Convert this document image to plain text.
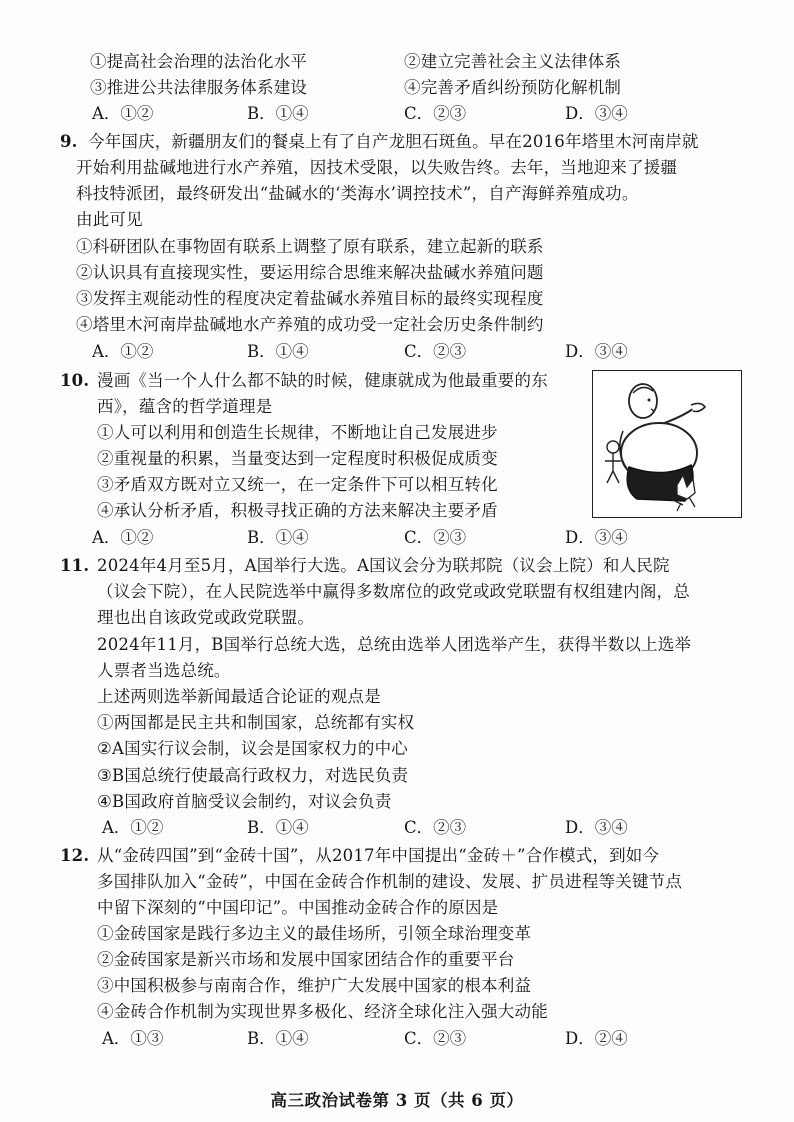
①提高社会治理的法治化水平	②建立完善社会主义法律体系
③推进公共法律服务体系建设	④完善矛盾纠纷预防化解机制
A．①②	B．①④	C．②③	D．③④
9. 今年国庆，新疆朋友们的餐桌上有了自产龙胆石斑鱼。早在2016年塔里木河南岸就
开始利用盐碱地进行水产养殖，因技术受限，以失败告终。去年，当地迎来了援疆
科技特派团，最终研发出“盐碱水的‘类海水’调控技术”，自产海鲜养殖成功。
由此可见
①科研团队在事物固有联系上调整了原有联系，建立起新的联系
②认识具有直接现实性，要运用综合思维来解决盐碱水养殖问题
③发挥主观能动性的程度决定着盐碱水养殖目标的最终实现程度
④塔里木河南岸盐碱地水产养殖的成功受一定社会历史条件制约
A．①②	B．①④	C．②③	D．③④
10. 漫画《当一个人什么都不缺的时候，健康就成为他最重要的东
西》，蕴含的哲学道理是
①人可以利用和创造生长规律，不断地让自己发展进步
②重视量的积累，当量变达到一定程度时积极促成质变
③矛盾双方既对立又统一，在一定条件下可以相互转化
④承认分析矛盾，积极寻找正确的方法来解决主要矛盾
A．①②	B．①④	C．②③	D．③④
11. 2024年4月至5月，A国举行大选。A国议会分为联邦院（议会上院）和人民院
（议会下院），在人民院选举中赢得多数席位的政党或政党联盟有权组建内阁，总
理也出自该政党或政党联盟。
2024年11月，B国举行总统大选，总统由选举人团选举产生，获得半数以上选举
人票者当选总统。
上述两则选举新闻最适合论证的观点是
①两国都是民主共和制国家，总统都有实权
②A国实行议会制，议会是国家权力的中心
③B国总统行使最高行政权力，对选民负责
④B国政府首脑受议会制约，对议会负责
A．①②	B．①④	C．②③	D．③④
12. 从“金砖四国”到“金砖十国”，从2017年中国提出“金砖＋”合作模式，到如今
多国排队加入“金砖”，中国在金砖合作机制的建设、发展、扩员进程等关键节点
中留下深刻的“中国印记”。中国推动金砖合作的原因是
①金砖国家是践行多边主义的最佳场所，引领全球治理变革
②金砖国家是新兴市场和发展中国家团结合作的重要平台
③中国积极参与南南合作，维护广大发展中国家的根本利益
④金砖合作机制为实现世界多极化、经济全球化注入强大动能
A．①③	B．①④	C．②③	D．②④
高三政治试卷第 3 页（共 6 页）
